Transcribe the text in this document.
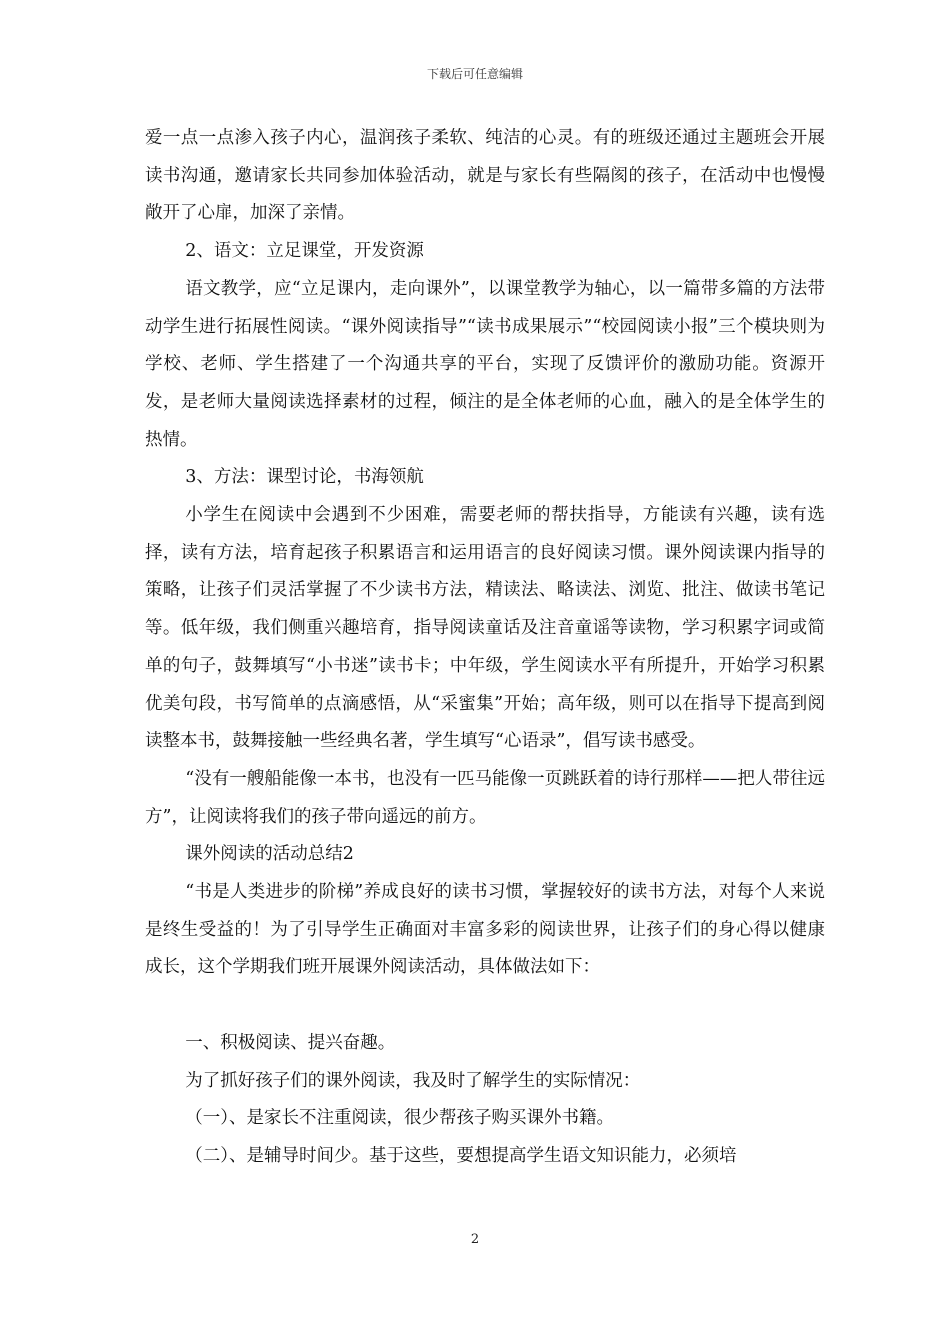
下载后可任意编辑

爱一点一点渗入孩子内心，温润孩子柔软、纯洁的心灵。有的班级还通过主题班会开展读书沟通，邀请家长共同参加体验活动，就是与家长有些隔阂的孩子，在活动中也慢慢敞开了心扉，加深了亲情。

2、语文：立足课堂，开发资源

语文教学，应“立足课内，走向课外”，以课堂教学为轴心，以一篇带多篇的方法带动学生进行拓展性阅读。“课外阅读指导”“读书成果展示”“校园阅读小报”三个模块则为学校、老师、学生搭建了一个沟通共享的平台，实现了反馈评价的激励功能。资源开发，是老师大量阅读选择素材的过程，倾注的是全体老师的心血，融入的是全体学生的热情。

3、方法：课型讨论，书海领航

小学生在阅读中会遇到不少困难，需要老师的帮扶指导，方能读有兴趣，读有选择，读有方法，培育起孩子积累语言和运用语言的良好阅读习惯。课外阅读课内指导的策略，让孩子们灵活掌握了不少读书方法，精读法、略读法、浏览、批注、做读书笔记等。低年级，我们侧重兴趣培育，指导阅读童话及注音童谣等读物，学习积累字词或简单的句子，鼓舞填写“小书迷”读书卡；中年级，学生阅读水平有所提升，开始学习积累优美句段，书写简单的点滴感悟，从“采蜜集”开始；高年级，则可以在指导下提高到阅读整本书，鼓舞接触一些经典名著，学生填写“心语录”，倡写读书感受。

“没有一艘船能像一本书，也没有一匹马能像一页跳跃着的诗行那样——把人带往远方”，让阅读将我们的孩子带向遥远的前方。

课外阅读的活动总结2

“书是人类进步的阶梯”养成良好的读书习惯，掌握较好的读书方法，对每个人来说是终生受益的！为了引导学生正确面对丰富多彩的阅读世界，让孩子们的身心得以健康成长，这个学期我们班开展课外阅读活动，具体做法如下：

一、积极阅读、提兴奋趣。

为了抓好孩子们的课外阅读，我及时了解学生的实际情况：

（一）、是家长不注重阅读，很少帮孩子购买课外书籍。

（二）、是辅导时间少。基于这些，要想提高学生语文知识能力，必须培

2
